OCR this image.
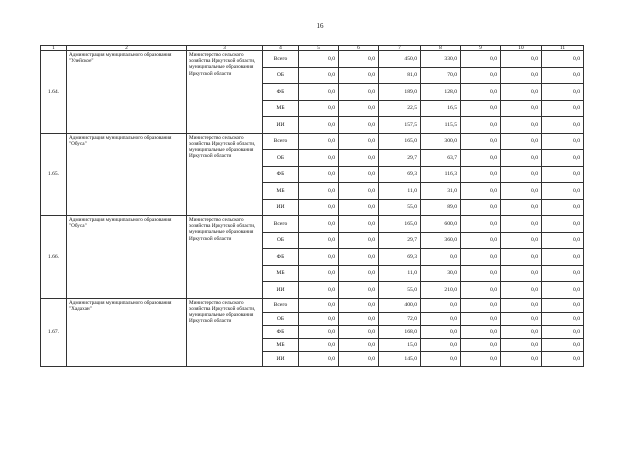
16
1	2	3	4	5	6	7	8	9	10	11
1.64.	Администрация муниципального образования "Улейское"	Министерство сельского хозяйства Иркутской области, муниципальные образования Иркутской области	Всего	0,0	0,0	450,0	330,0	0,0	0,0	0,0
			ОБ	0,0	0,0	81,0	70,0	0,0	0,0	0,0
			ФБ	0,0	0,0	189,0	128,0	0,0	0,0	0,0
			МБ	0,0	0,0	22,5	16,5	0,0	0,0	0,0
			ИИ	0,0	0,0	157,5	115,5	0,0	0,0	0,0
1.65.	Администрация муниципального образования "Обуса"	Министерство сельского хозяйства Иркутской области, муниципальные образования Иркутской области	Всего	0,0	0,0	165,0	300,0	0,0	0,0	0,0
			ОБ	0,0	0,0	29,7	63,7	0,0	0,0	0,0
			ФБ	0,0	0,0	69,3	116,3	0,0	0,0	0,0
			МБ	0,0	0,0	11,0	31,0	0,0	0,0	0,0
			ИИ	0,0	0,0	55,0	89,0	0,0	0,0	0,0
1.66.	Администрация муниципального образования "Обуса"	Министерство сельского хозяйства Иркутской области, муниципальные образования Иркутской области	Всего	0,0	0,0	165,0	600,0	0,0	0,0	0,0
			ОБ	0,0	0,0	29,7	360,0	0,0	0,0	0,0
			ФБ	0,0	0,0	69,3	0,0	0,0	0,0	0,0
			МБ	0,0	0,0	11,0	30,0	0,0	0,0	0,0
			ИИ	0,0	0,0	55,0	210,0	0,0	0,0	0,0
1.67.	Администрация муниципального образования "Хадахан"	Министерство сельского хозяйства Иркутской области, муниципальные образования Иркутской области	Всего	0,0	0,0	400,0	0,0	0,0	0,0	0,0
			ОБ	0,0	0,0	72,0	0,0	0,0	0,0	0,0
			ФБ	0,0	0,0	168,0	0,0	0,0	0,0	0,0
			МБ	0,0	0,0	15,0	0,0	0,0	0,0	0,0
			ИИ	0,0	0,0	145,0	0,0	0,0	0,0	0,0
